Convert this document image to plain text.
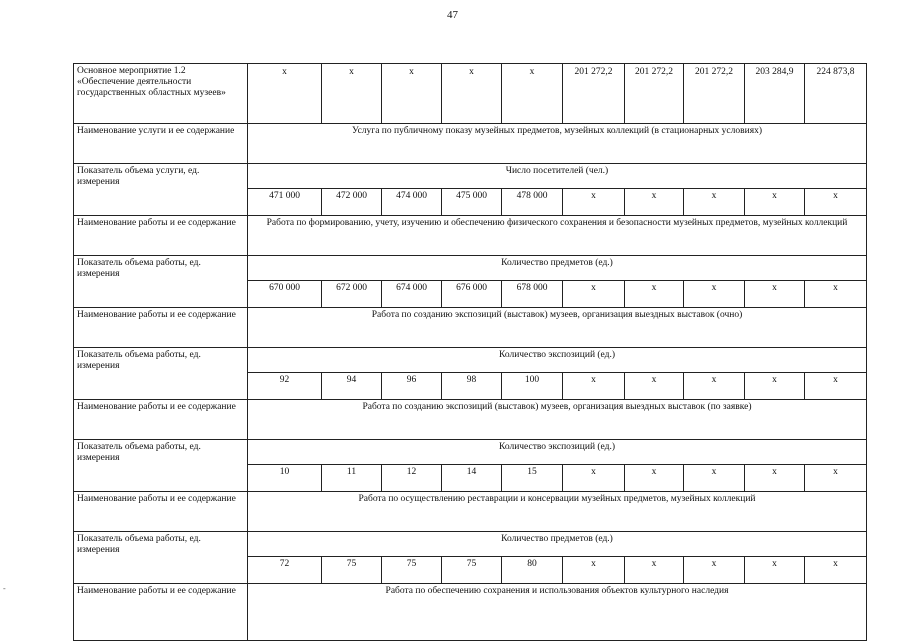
47
-
Основное мероприятие 1.2 «Обеспечение деятельности государственных областных музеев»	х	х	х	х	х	201 272,2	201 272,2	201 272,2	203 284,9	224 873,8
Наименование услуги и ее содержание	Услуга по публичному показу музейных предметов, музейных коллекций (в стационарных условиях)									
Показатель объема услуги, ед. измерения	Число посетителей (чел.)									
	471 000	472 000	474 000	475 000	478 000	х	х	х	х	х
Наименование работы и ее содержание	Работа по формированию, учету, изучению и обеспечению физического сохранения и безопасности музейных предметов, музейных коллекций									
Показатель объема работы, ед. измерения	Количество предметов (ед.)									
	670 000	672 000	674 000	676 000	678 000	х	х	х	х	х
Наименование работы и ее содержание	Работа по созданию экспозиций (выставок) музеев, организация выездных выставок (очно)									
Показатель объема работы, ед. измерения	Количество экспозиций (ед.)									
	92	94	96	98	100	х	х	х	х	х
Наименование работы и ее содержание	Работа по созданию экспозиций (выставок) музеев, организация выездных выставок (по заявке)									
Показатель объема работы, ед. измерения	Количество экспозиций (ед.)									
	10	11	12	14	15	х	х	х	х	х
Наименование работы и ее содержание	Работа по осуществлению реставрации и консервации музейных предметов, музейных коллекций									
Показатель объема работы, ед. измерения	Количество предметов (ед.)									
	72	75	75	75	80	х	х	х	х	х
Наименование работы и ее содержание	Работа по обеспечению сохранения и использования объектов культурного наследия									
